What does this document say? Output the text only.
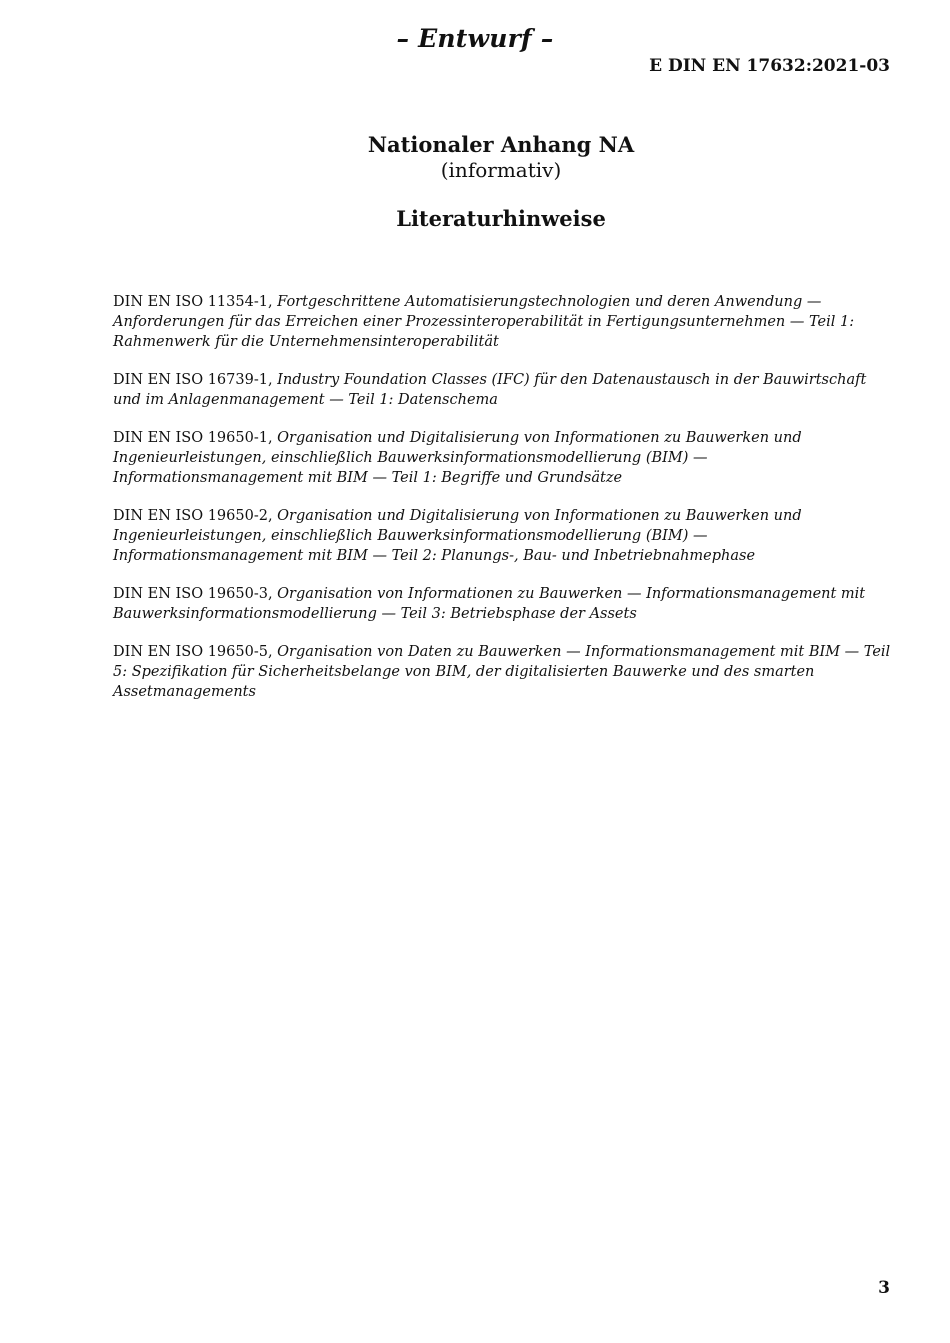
– Entwurf –
E DIN EN 17632:2021-03
Nationaler Anhang NA
(informativ)
Literaturhinweise

DIN EN ISO 11354-1, Fortgeschrittene Automatisierungstechnologien und deren Anwendung — Anforderungen für das Erreichen einer Prozessinteroperabilität in Fertigungsunternehmen — Teil 1: Rahmenwerk für die Unternehmensinteroperabilität

DIN EN ISO 16739-1, Industry Foundation Classes (IFC) für den Datenaustausch in der Bauwirtschaft und im Anlagenmanagement — Teil 1: Datenschema

DIN EN ISO 19650-1, Organisation und Digitalisierung von Informationen zu Bauwerken und Ingenieurleistungen, einschließlich Bauwerksinformationsmodellierung (BIM) — Informationsmanagement mit BIM — Teil 1: Begriffe und Grundsätze

DIN EN ISO 19650-2, Organisation und Digitalisierung von Informationen zu Bauwerken und Ingenieurleistungen, einschließlich Bauwerksinformationsmodellierung (BIM) — Informationsmanagement mit BIM — Teil 2: Planungs-, Bau- und Inbetriebnahmephase

DIN EN ISO 19650-3, Organisation von Informationen zu Bauwerken — Informationsmanagement mit Bauwerksinformationsmodellierung — Teil 3: Betriebsphase der Assets

DIN EN ISO 19650-5, Organisation von Daten zu Bauwerken — Informationsmanagement mit BIM — Teil 5: Spezifikation für Sicherheitsbelange von BIM, der digitalisierten Bauwerke und des smarten Assetmanagements

3
